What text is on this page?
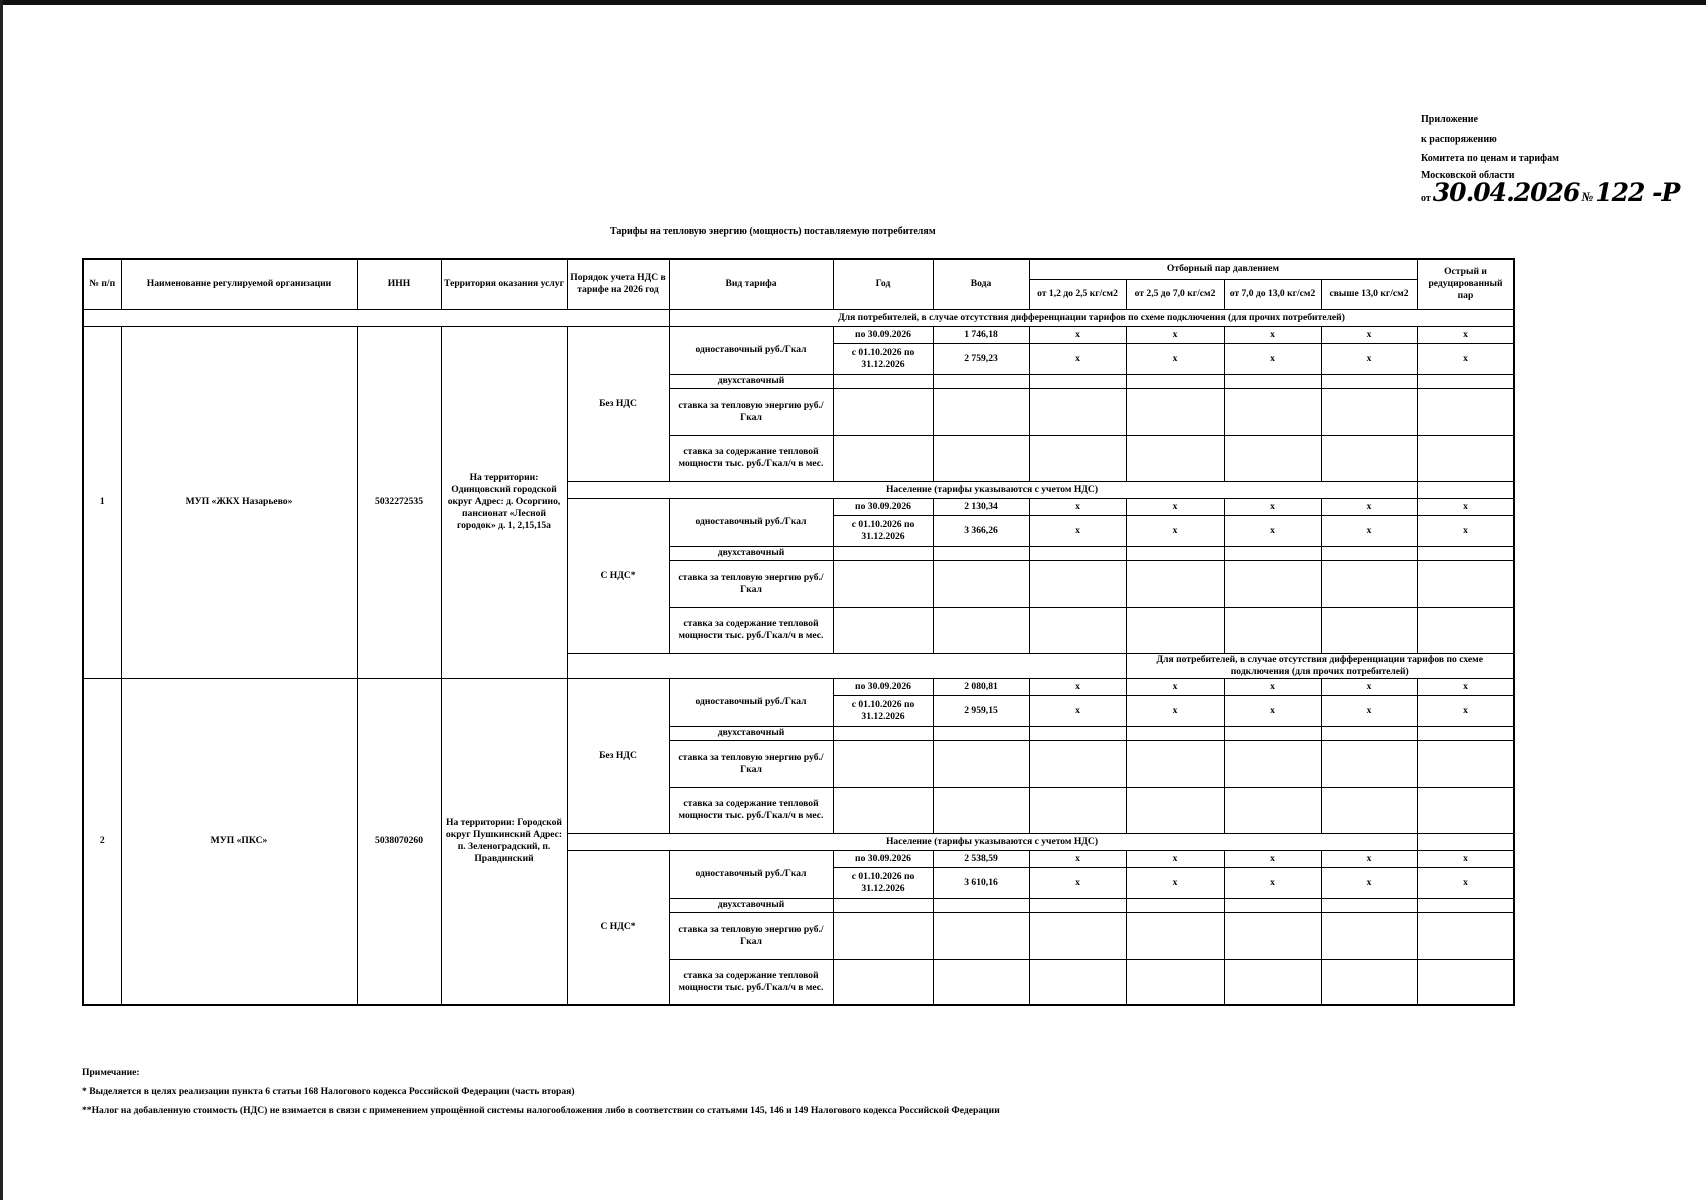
Приложение
к распоряжению
Комитета по ценам и тарифам
Московской области
от 30.04.2026 № 122 -Р
Тарифы на тепловую энергию (мощность) поставляемую потребителям
№ п/п	Наименование регулируемой организации	ИНН	Территория оказания услуг	Порядок учета НДС в тарифе на 2026 год	Вид тарифа	Год	Вода	Отборный пар давлением				Острый и редуцированный пар
								от 1,2 до 2,5 кг/см2	от 2,5 до 7,0 кг/см2	от 7,0 до 13,0 кг/см2	свыше 13,0 кг/см2	
					Для потребителей, в случае отсутствия дифференциации тарифов по схеме подключения (для прочих потребителей)							
1	МУП «ЖКХ Назарьево»	5032272535	На территории: Одинцовский городской округ Адрес: д. Осоргино, пансионат «Лесной городок» д. 1, 2,15,15а	Без НДС	одноставочный руб./Гкал	по 30.09.2026	1 746,18	х	х	х	х	х
						с 01.10.2026 по 31.12.2026	2 759,23	х	х	х	х	х
					двухставочный							
					ставка за тепловую энергию руб./Гкал							
					ставка за содержание тепловой мощности тыс. руб./Гкал/ч в мес.							
				Население (тарифы указываются с учетом НДС)								
				С НДС*	одноставочный руб./Гкал	по 30.09.2026	2 130,34	х	х	х	х	х
						с 01.10.2026 по 31.12.2026	3 366,26	х	х	х	х	х
					двухставочный							
					ставка за тепловую энергию руб./Гкал							
					ставка за содержание тепловой мощности тыс. руб./Гкал/ч в мес.							
									Для потребителей, в случае отсутствия дифференциации тарифов по схеме подключения (для прочих потребителей)			
2	МУП «ПКС»	5038070260	На территории: Городской округ Пушкинский Адрес: п. Зеленоградский, п. Правдинский	Без НДС	одноставочный руб./Гкал	по 30.09.2026	2 080,81	х	х	х	х	х
						с 01.10.2026 по 31.12.2026	2 959,15	х	х	х	х	х
					двухставочный							
					ставка за тепловую энергию руб./Гкал							
					ставка за содержание тепловой мощности тыс. руб./Гкал/ч в мес.							
				Население (тарифы указываются с учетом НДС)								
				С НДС*	одноставочный руб./Гкал	по 30.09.2026	2 538,59	х	х	х	х	х
						с 01.10.2026 по 31.12.2026	3 610,16	х	х	х	х	х
					двухставочный							
					ставка за тепловую энергию руб./Гкал							
					ставка за содержание тепловой мощности тыс. руб./Гкал/ч в мес.							
Примечание:
* Выделяется в целях реализации пункта 6 статьи 168 Налогового кодекса Российской Федерации (часть вторая)
**Налог на добавленную стоимость (НДС) не взимается в связи с применением упрощённой системы налогообложения либо в соответствии со статьями 145, 146 и 149 Налогового кодекса Российской Федерации
